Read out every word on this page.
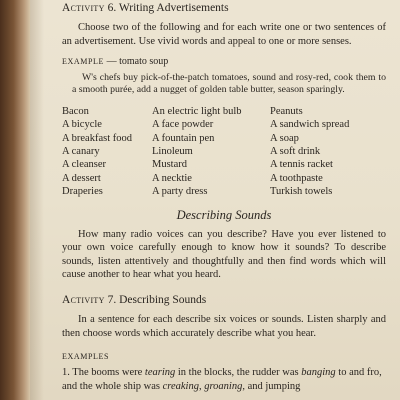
Activity 6. Writing Advertisements

Choose two of the following and for each write one or two sentences of an advertisement. Use vivid words and appeal to one or more senses.

EXAMPLE — tomato soup

W's chefs buy pick-of-the-patch tomatoes, sound and rosy-red, cook them to a smooth purée, add a nugget of golden table butter, season sparingly.

Bacon
A bicycle
A breakfast food
A canary
A cleanser
A dessert
Draperies
An electric light bulb
A face powder
A fountain pen
Linoleum
Mustard
A necktie
A party dress
Peanuts
A sandwich spread
A soap
A soft drink
A tennis racket
A toothpaste
Turkish towels
Describing Sounds

How many radio voices can you describe? Have you ever listened to your own voice carefully enough to know how it sounds? To describe sounds, listen attentively and thoughtfully and then find words which will cause another to hear what you heard.

Activity 7. Describing Sounds

In a sentence for each describe six voices or sounds. Listen sharply and then choose words which accurately describe what you hear.

EXAMPLES

1. The booms were tearing in the blocks, the rudder was banging to and fro, and the whole ship was creaking, groaning, and jumping
